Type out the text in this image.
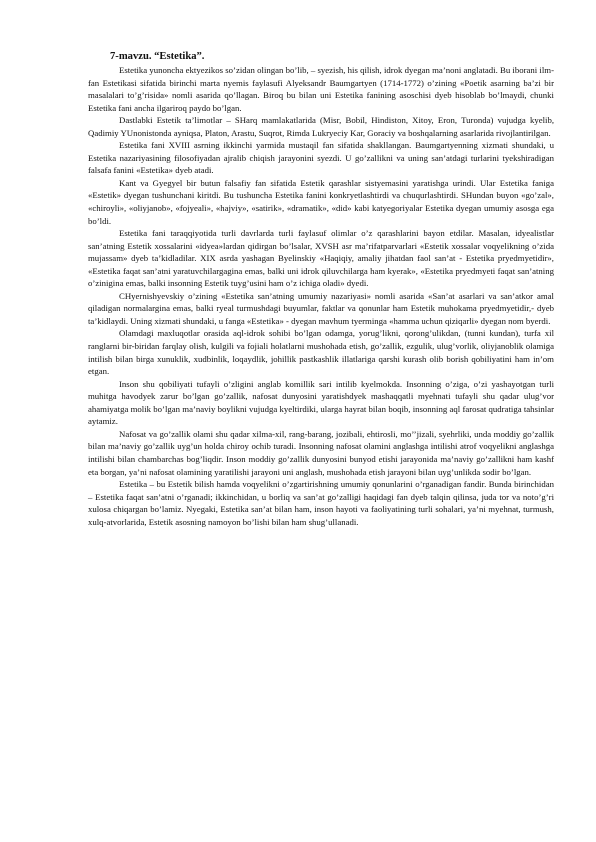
7-mavzu. “Estetika”.

Estetika yunoncha ektyezikos so’zidan olingan bo’lib, – syezish, his qilish, idrok dyegan ma’noni anglatadi. Bu iborani ilm-fan Estetikasi sifatida birinchi marta nyemis faylasufi Alyeksandr Baumgartyen (1714-1772) o’zining «Poetik asarning ba’zi bir masalalari to’g’risida» nomli asarida qo’llagan. Biroq bu bilan uni Estetika fanining asoschisi dyeb hisoblab bo’lmaydi, chunki Estetika fani ancha ilgariroq paydo bo’lgan.

Dastlabki Estetik ta’limotlar – SHarq mamlakatlarida (Misr, Bobil, Hindiston, Xitoy, Eron, Turonda) vujudga kyelib, Qadimiy YUnonistonda ayniqsa, Platon, Arastu, Suqrot, Rimda Lukryeciy Kar, Goraciy va boshqalarning asarlarida rivojlantirilgan.

Estetika fani XVIII asrning ikkinchi yarmida mustaqil fan sifatida shakllangan. Baumgartyenning xizmati shundaki, u Estetika nazariyasining filosofiyadan ajralib chiqish jarayonini syezdi. U go’zallikni va uning san’atdagi turlarini tyekshiradigan falsafa fanini «Estetika» dyeb atadi.

Kant va Gyegyel bir butun falsafiy fan sifatida Estetik qarashlar sistyemasini yaratishga urindi. Ular Estetika faniga «Estetik» dyegan tushunchani kiritdi. Bu tushuncha Estetika fanini konkryetlashtirdi va chuqurlashtirdi. SHundan buyon «go’zal», «chiroyli», «oliyjanob», «fojyeali», «hajviy», «satirik», «dramatik», «did» kabi katyegoriyalar Estetika dyegan umumiy asosga ega bo’ldi.

Estetika fani taraqqiyotida turli davrlarda turli faylasuf olimlar o’z qarashlarini bayon etdilar. Masalan, idyealistlar san’atning Estetik xossalarini «idyea»lardan qidirgan bo’lsalar, XVSH asr ma’rifatparvarlari «Estetik xossalar voqyelikning o’zida mujassam» dyeb ta’kidladilar. XIX asrda yashagan Byelinskiy «Haqiqiy, amaliy jihatdan faol san’at - Estetika pryedmyetidir», «Estetika faqat san’atni yaratuvchilargagina emas, balki uni idrok qiluvchilarga ham kyerak», «Estetika pryedmyeti faqat san’atning o’zinigina emas, balki insonning Estetik tuyg’usini ham o’z ichiga oladi» dyedi.

CHyernishyevskiy o’zining «Estetika san’atning umumiy nazariyasi» nomli asarida «San’at asarlari va san’atkor amal qiladigan normalargina emas, balki ryeal turmushdagi buyumlar, faktlar va qonunlar ham Estetik muhokama pryedmyetidir,- dyeb ta’kidlaydi. Uning xizmati shundaki, u fanga «Estetika» - dyegan mavhum tyerminga «hamma uchun qiziqarli» dyegan nom byerdi.

Olamdagi maxluqotlar orasida aql-idrok sohibi bo’lgan odamga, yorug’likni, qorong’ulikdan, (tunni kundan), turfa xil ranglarni bir-biridan farqlay olish, kulgili va fojiali holatlarni mushohada etish, go’zallik, ezgulik, ulug’vorlik, oliyjanoblik olamiga intilish bilan birga xunuklik, xudbinlik, loqaydlik, johillik pastkashlik illatlariga qarshi kurash olib borish qobiliyatini ham in’om etgan.

Inson shu qobiliyati tufayli o’zligini anglab komillik sari intilib kyelmokda. Insonning o’ziga, o’zi yashayotgan turli muhitga havodyek zarur bo’lgan go’zallik, nafosat dunyosini yaratishdyek mashaqqatli myehnati tufayli shu qadar ulug’vor ahamiyatga molik bo’lgan ma’naviy boylikni vujudga kyeltirdiki, ularga hayrat bilan boqib, insonning aql farosat qudratiga tahsinlar aytamiz.

Nafosat va go’zallik olami shu qadar xilma-xil, rang-barang, jozibali, ehtirosli, mo’’jizali, syehrliki, unda moddiy go’zallik bilan ma’naviy go’zallik uyg’un holda chiroy ochib turadi. Insonning nafosat olamini anglashga intilishi atrof voqyelikni anglashga intilishi bilan chambarchas bog’liqdir. Inson moddiy go’zallik dunyosini bunyod etishi jarayonida ma’naviy go’zallikni ham kashf eta borgan, ya’ni nafosat olamining yaratilishi jarayoni uni anglash, mushohada etish jarayoni bilan uyg’unlikda sodir bo’lgan.

Estetika – bu Estetik bilish hamda voqyelikni o’zgartirishning umumiy qonunlarini o’rganadigan fandir. Bunda birinchidan – Estetika faqat san’atni o’rganadi; ikkinchidan, u borliq va san’at go’zalligi haqidagi fan dyeb talqin qilinsa, juda tor va noto’g’ri xulosa chiqargan bo’lamiz. Nyegaki, Estetika san’at bilan ham, inson hayoti va faoliyatining turli sohalari, ya’ni myehnat, turmush, xulq-atvorlarida, Estetik asosning namoyon bo’lishi bilan ham shug’ullanadi.
